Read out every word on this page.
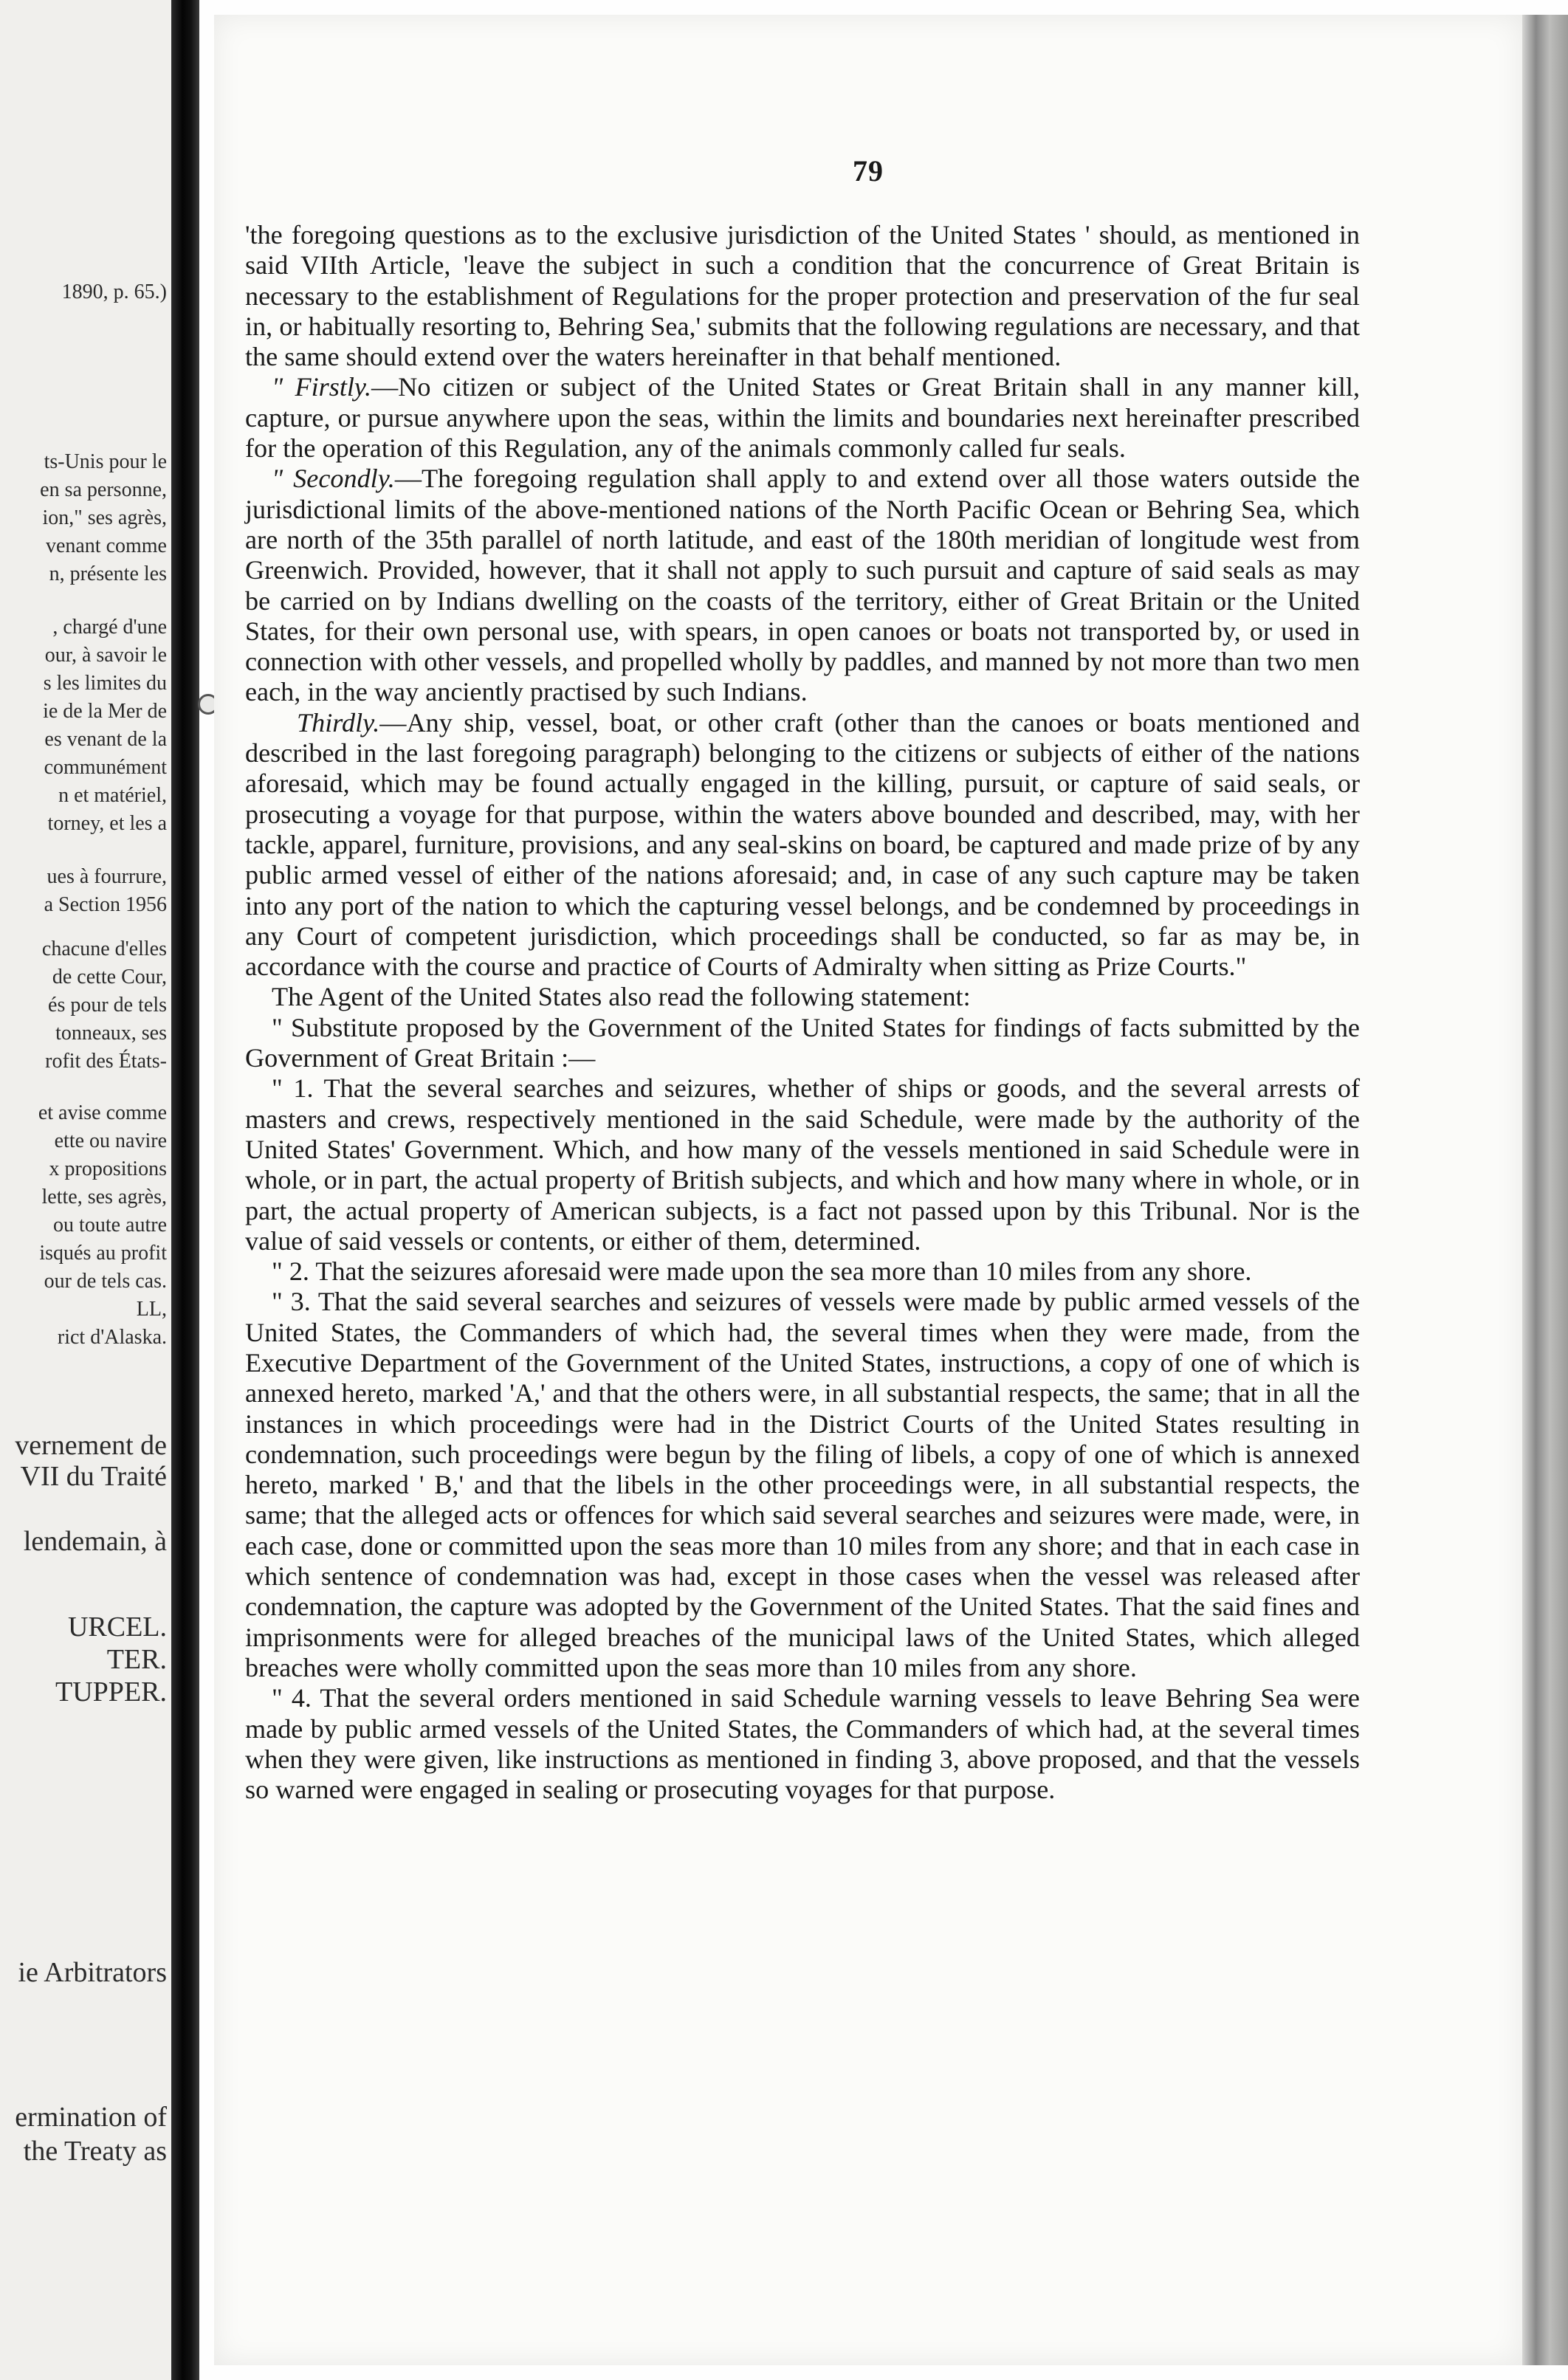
1890, p. 65.)
ts-Unis pour le
en sa personne,
ion," ses agrès,
venant comme
n, présente les
, chargé d'une
our, à savoir le
s les limites du
ie de la Mer de
es venant de la
communément
n et matériel,
torney, et les a
ues à fourrure,
a Section 1956
chacune d'elles
de cette Cour,
és pour de tels
tonneaux, ses
rofit des États-
et avise comme
ette ou navire
x propositions
lette, ses agrès,
ou toute autre
isqués au profit
our de tels cas.
LL,
rict d'Alaska.
vernement de
VII du Traité
lendemain, à
URCEL.
TER.
TUPPER.
ie Arbitrators
ermination of
the Treaty as
79

'the foregoing questions as to the exclusive jurisdiction of the United States ' should, as mentioned in said VIIth Article, 'leave the subject in such a condition that the concurrence of Great Britain is necessary to the establishment of Regulations for the proper protection and preservation of the fur seal in, or habitually resorting to, Behring Sea,' submits that the following regulations are necessary, and that the same should extend over the waters hereinafter in that behalf mentioned.

" Firstly.—No citizen or subject of the United States or Great Britain shall in any manner kill, capture, or pursue anywhere upon the seas, within the limits and boundaries next hereinafter prescribed for the operation of this Regulation, any of the animals commonly called fur seals.

" Secondly.—The foregoing regulation shall apply to and extend over all those waters outside the jurisdictional limits of the above-mentioned nations of the North Pacific Ocean or Behring Sea, which are north of the 35th parallel of north latitude, and east of the 180th meridian of longitude west from Greenwich. Provided, however, that it shall not apply to such pursuit and capture of said seals as may be carried on by Indians dwelling on the coasts of the territory, either of Great Britain or the United States, for their own personal use, with spears, in open canoes or boats not transported by, or used in connection with other vessels, and propelled wholly by paddles, and manned by not more than two men each, in the way anciently practised by such Indians.

Thirdly.—Any ship, vessel, boat, or other craft (other than the canoes or boats mentioned and described in the last foregoing paragraph) belonging to the citizens or subjects of either of the nations aforesaid, which may be found actually engaged in the killing, pursuit, or capture of said seals, or prosecuting a voyage for that purpose, within the waters above bounded and described, may, with her tackle, apparel, furniture, provisions, and any seal-skins on board, be captured and made prize of by any public armed vessel of either of the nations aforesaid; and, in case of any such capture may be taken into any port of the nation to which the capturing vessel belongs, and be condemned by proceedings in any Court of competent jurisdiction, which proceedings shall be conducted, so far as may be, in accordance with the course and practice of Courts of Admiralty when sitting as Prize Courts."

The Agent of the United States also read the following statement:

" Substitute proposed by the Government of the United States for findings of facts submitted by the Government of Great Britain :—

" 1. That the several searches and seizures, whether of ships or goods, and the several arrests of masters and crews, respectively mentioned in the said Schedule, were made by the authority of the United States' Government. Which, and how many of the vessels mentioned in said Schedule were in whole, or in part, the actual property of British subjects, and which and how many where in whole, or in part, the actual property of American subjects, is a fact not passed upon by this Tribunal. Nor is the value of said vessels or contents, or either of them, determined.

" 2. That the seizures aforesaid were made upon the sea more than 10 miles from any shore.

" 3. That the said several searches and seizures of vessels were made by public armed vessels of the United States, the Commanders of which had, the several times when they were made, from the Executive Department of the Government of the United States, instructions, a copy of one of which is annexed hereto, marked 'A,' and that the others were, in all substantial respects, the same; that in all the instances in which proceedings were had in the District Courts of the United States resulting in condemnation, such proceedings were begun by the filing of libels, a copy of one of which is annexed hereto, marked ' B,' and that the libels in the other proceedings were, in all substantial respects, the same; that the alleged acts or offences for which said several searches and seizures were made, were, in each case, done or committed upon the seas more than 10 miles from any shore; and that in each case in which sentence of condemnation was had, except in those cases when the vessel was released after condemnation, the capture was adopted by the Government of the United States. That the said fines and imprisonments were for alleged breaches of the municipal laws of the United States, which alleged breaches were wholly committed upon the seas more than 10 miles from any shore.

" 4. That the several orders mentioned in said Schedule warning vessels to leave Behring Sea were made by public armed vessels of the United States, the Commanders of which had, at the several times when they were given, like instructions as mentioned in finding 3, above proposed, and that the vessels so warned were engaged in sealing or prosecuting voyages for that purpose.
